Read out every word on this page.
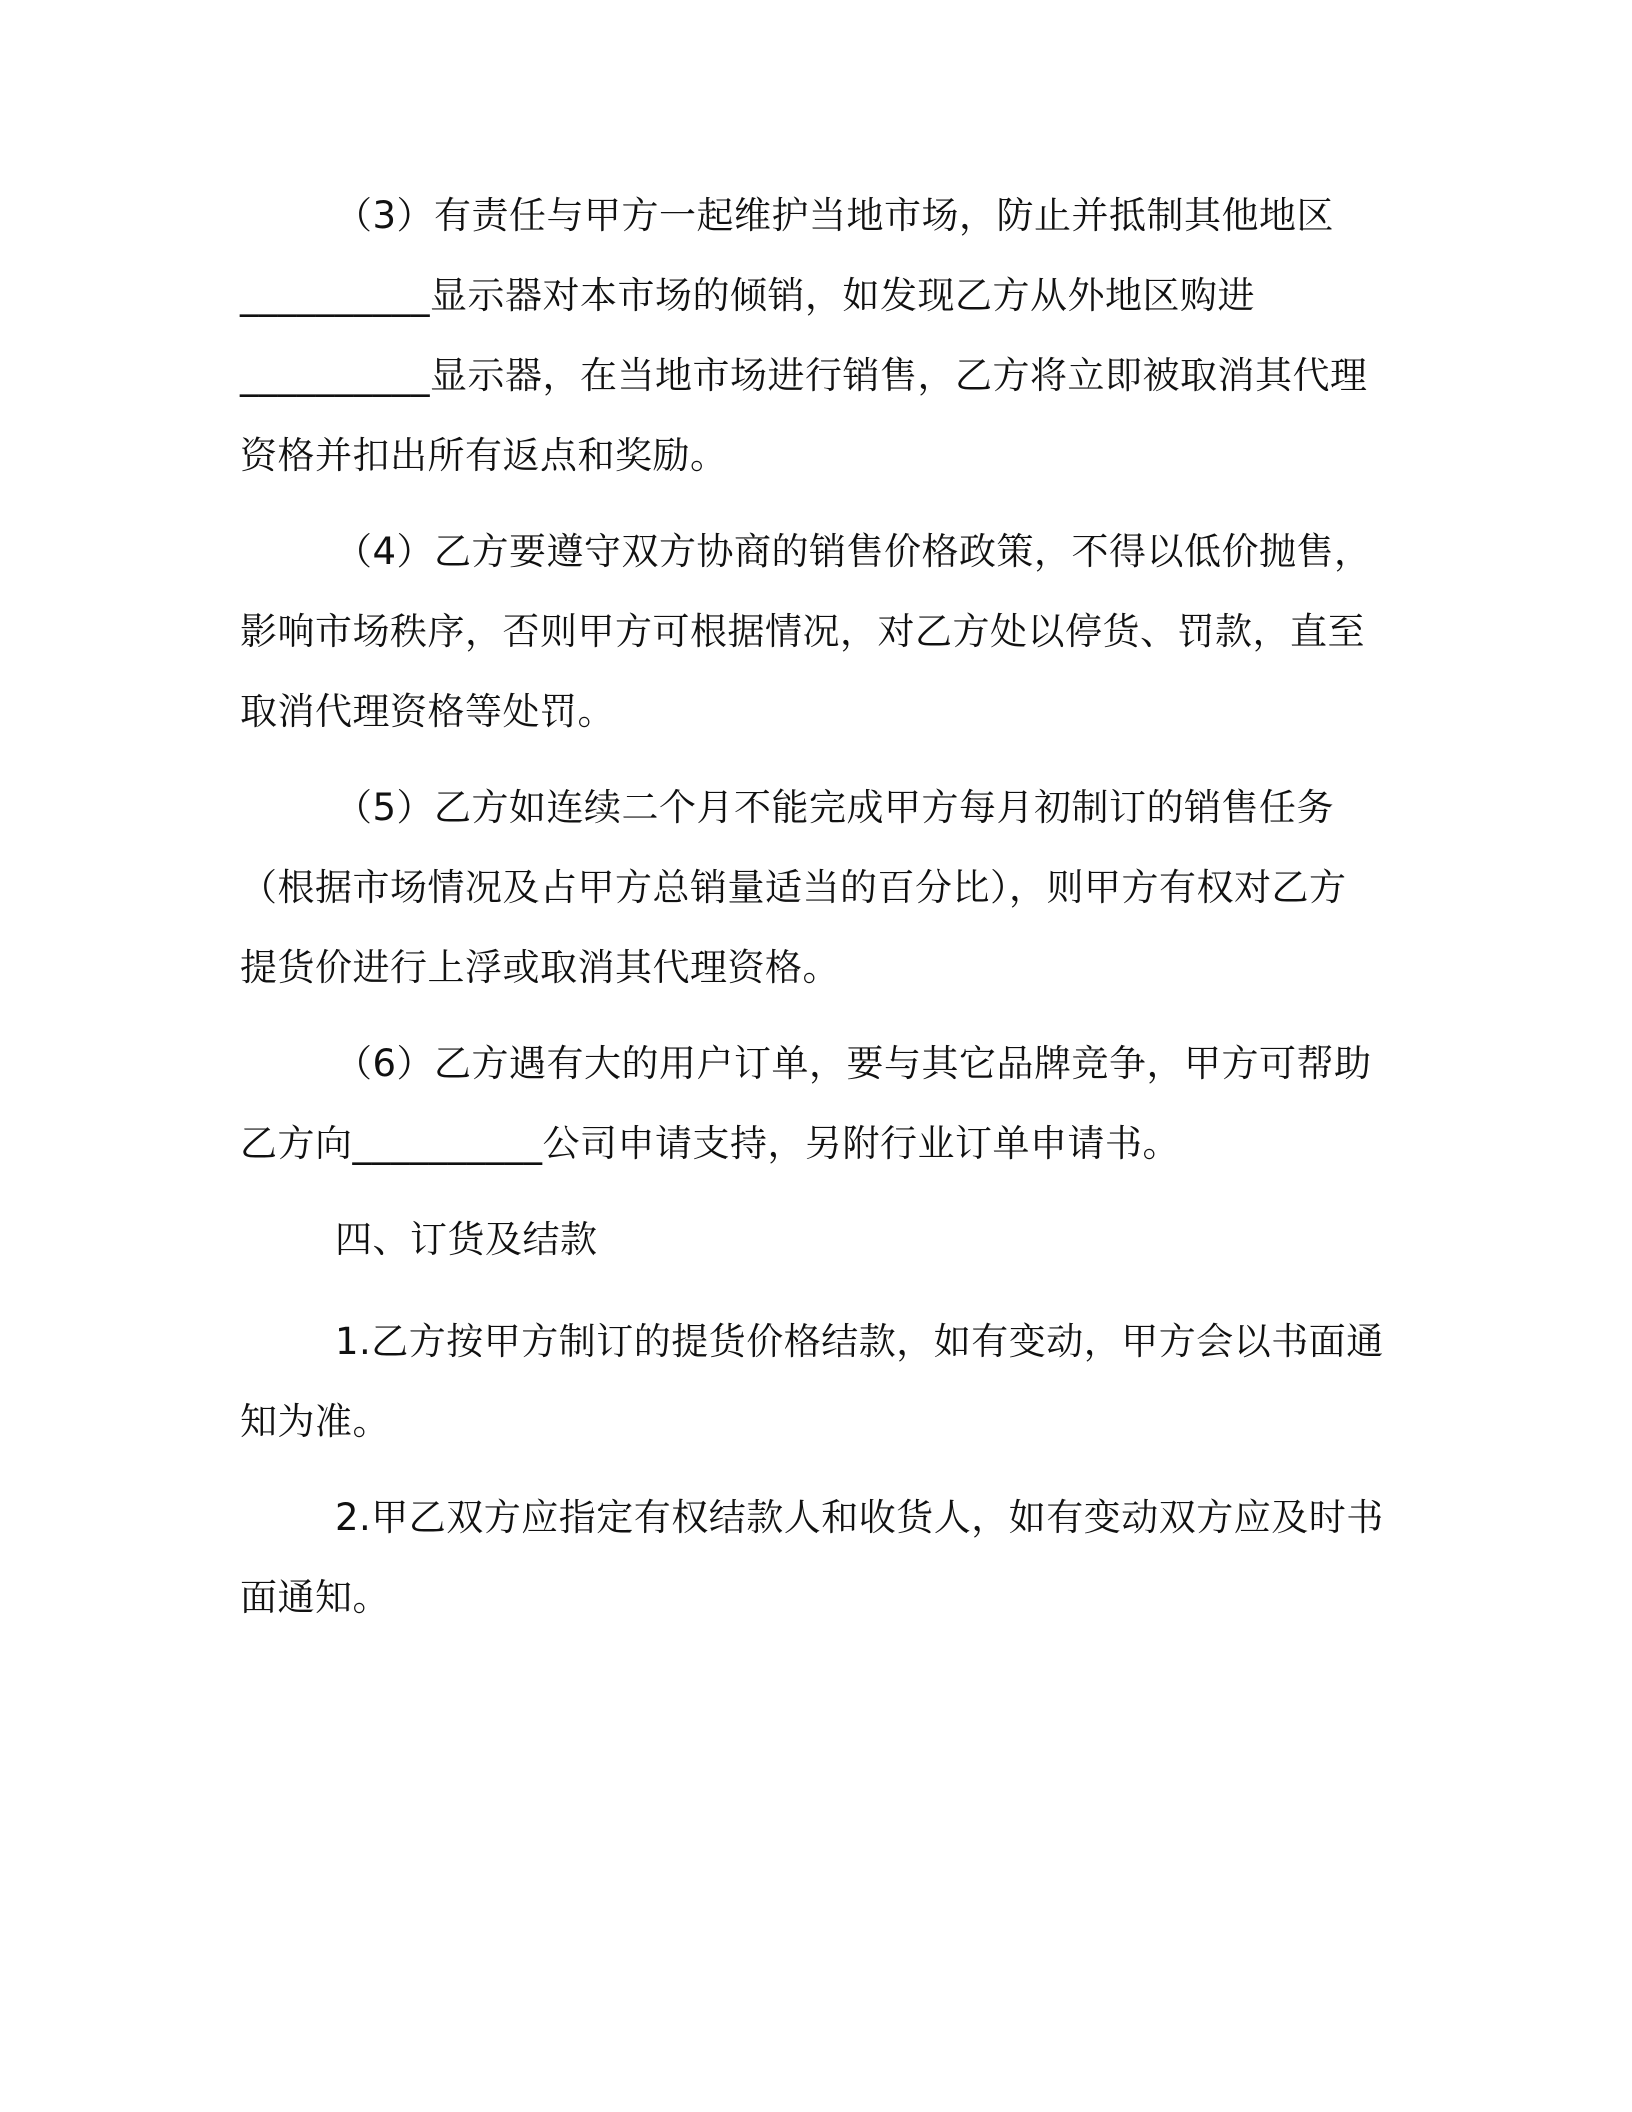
（3）有责任与甲方一起维护当地市场，防止并抵制其他地区
__________显示器对本市场的倾销，如发现乙方从外地区购进
__________显示器，在当地市场进行销售，乙方将立即被取消其代理
资格并扣出所有返点和奖励。
（4）乙方要遵守双方协商的销售价格政策，不得以低价抛售，
影响市场秩序，否则甲方可根据情况，对乙方处以停货、罚款，直至
取消代理资格等处罚。
（5）乙方如连续二个月不能完成甲方每月初制订的销售任务
（根据市场情况及占甲方总销量适当的百分比），则甲方有权对乙方
提货价进行上浮或取消其代理资格。
（6）乙方遇有大的用户订单，要与其它品牌竞争，甲方可帮助
乙方向__________公司申请支持，另附行业订单申请书。
四、订货及结款
1.乙方按甲方制订的提货价格结款，如有变动，甲方会以书面通
知为准。
2.甲乙双方应指定有权结款人和收货人，如有变动双方应及时书
面通知。
